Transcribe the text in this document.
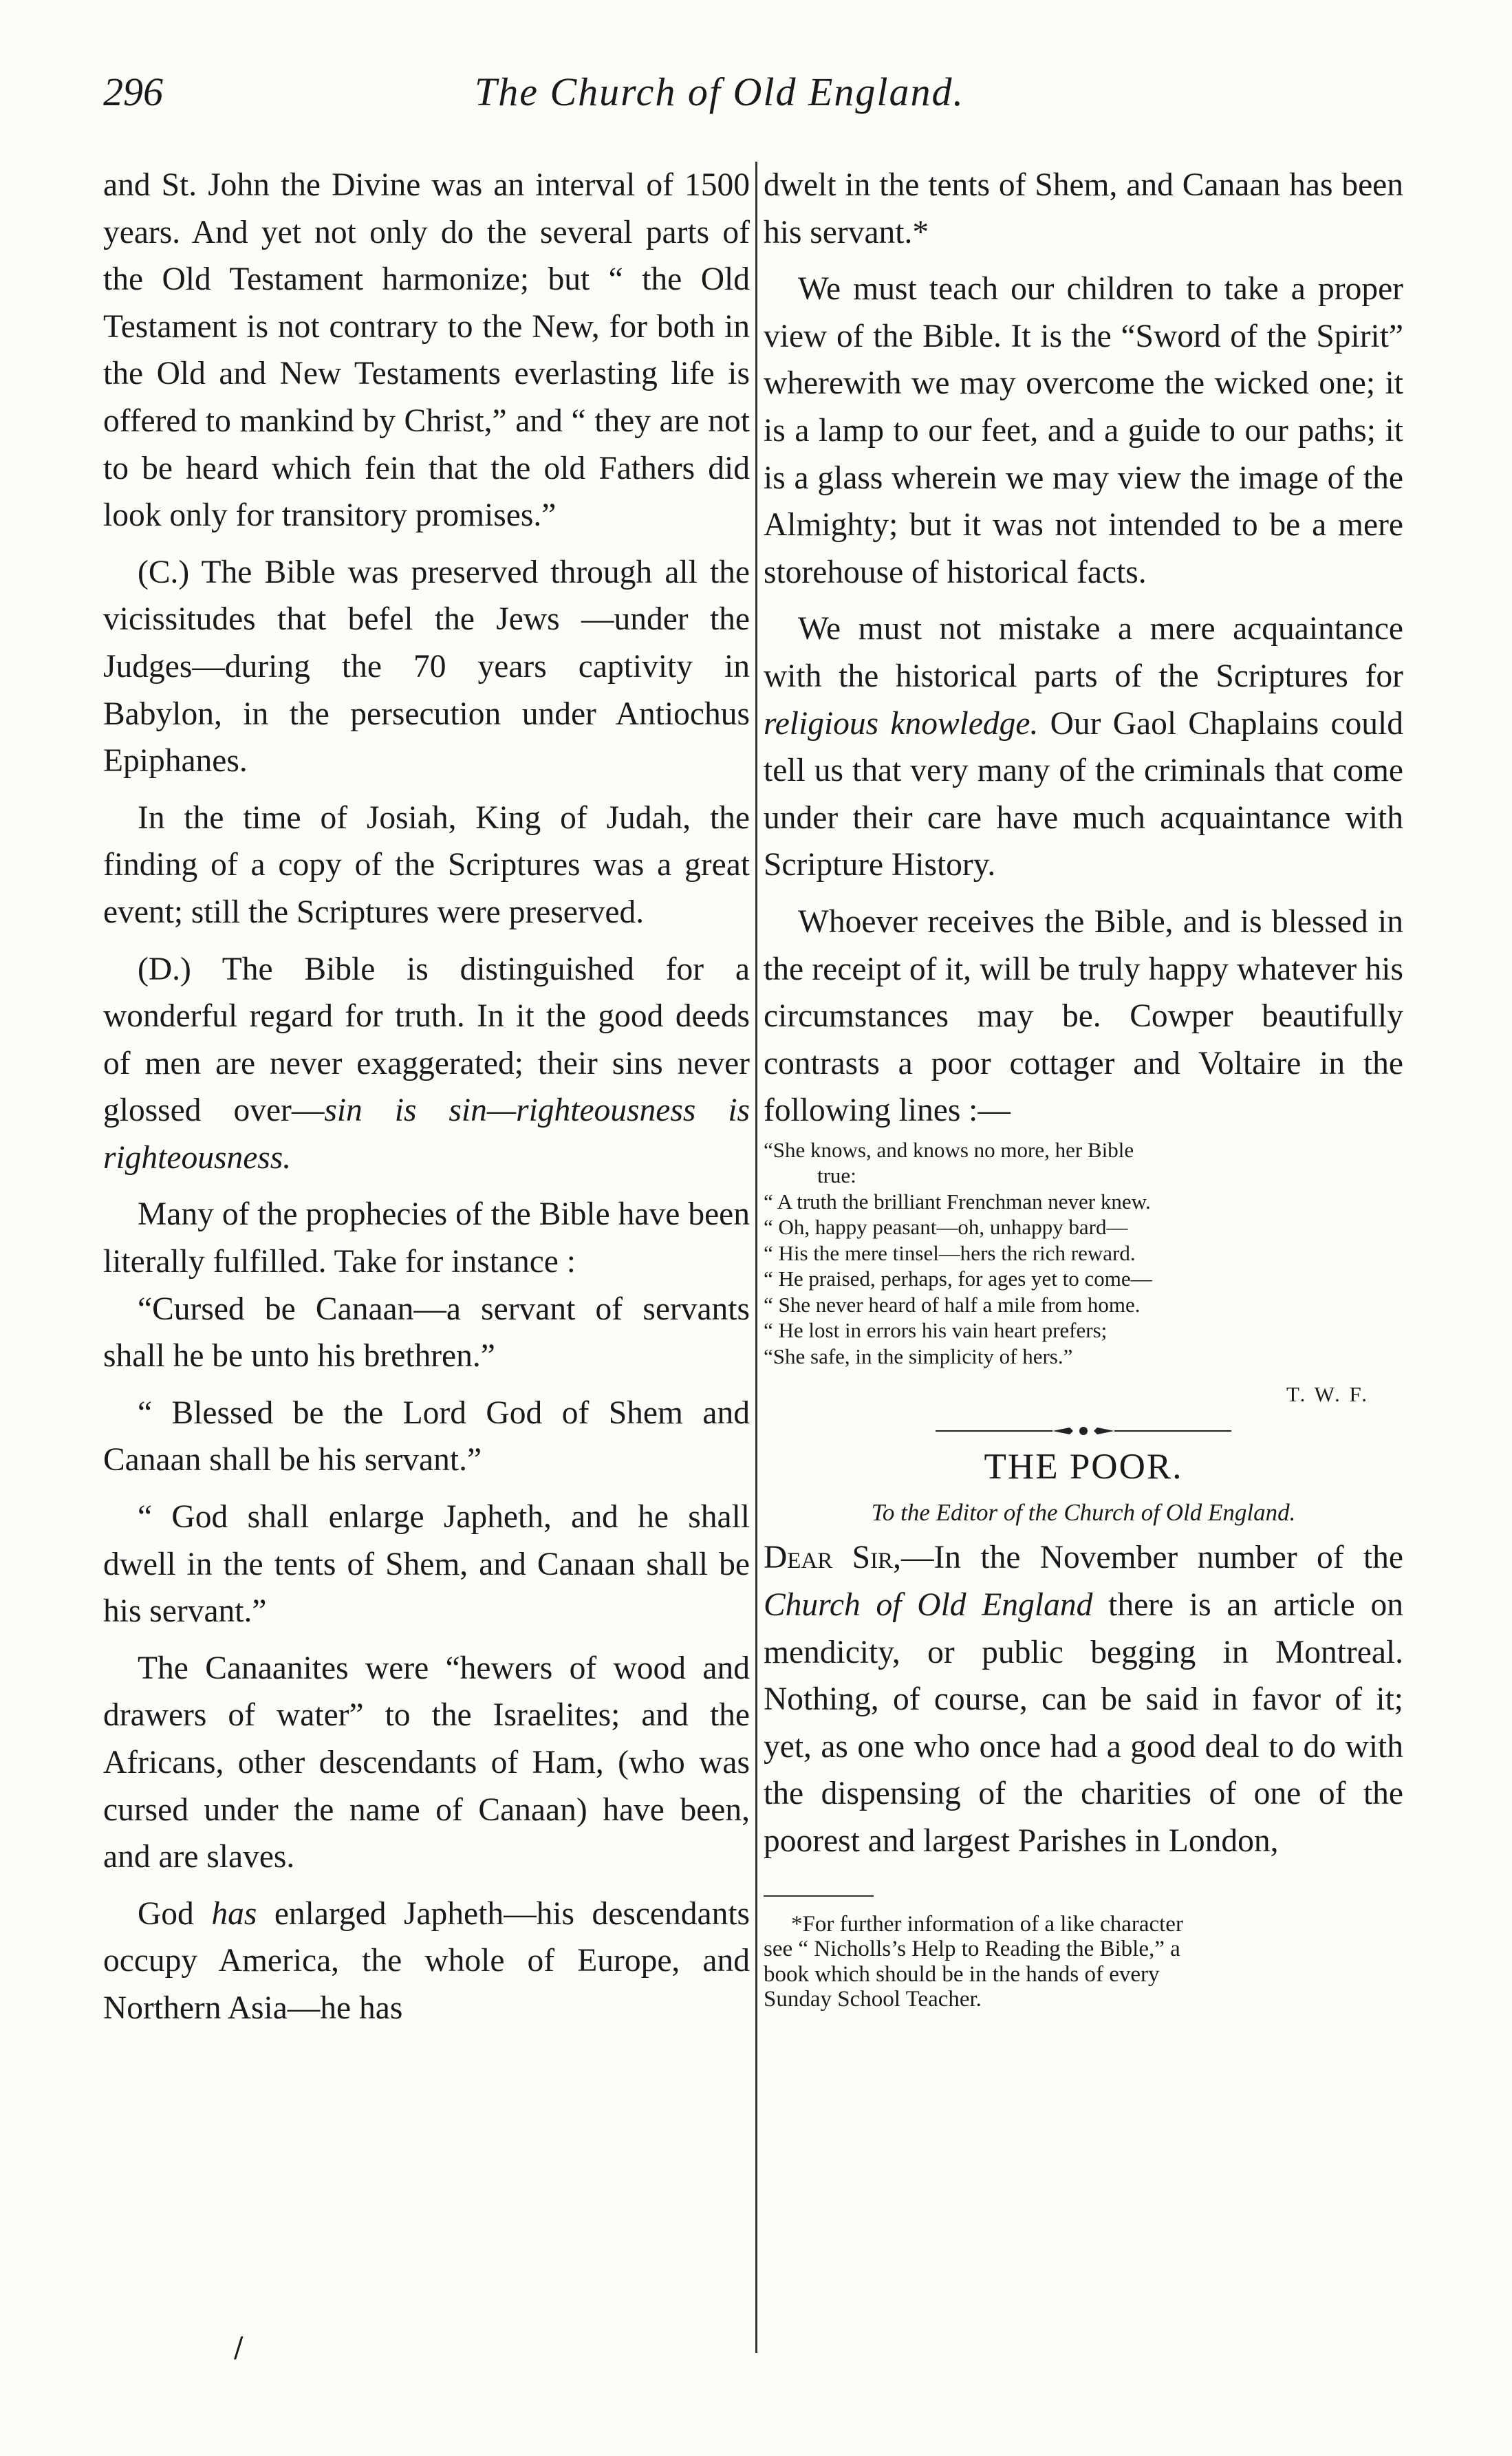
296	The Church of Old England.

and St. John the Divine was an interval of 1500 years. And yet not only do the several parts of the Old Testament harmonize; but “ the Old Testament is not contrary to the New, for both in the Old and New Testaments everlasting life is offered to mankind by Christ,” and “ they are not to be heard which fein that the old Fathers did look only for transitory promises.”

(C.) The Bible was preserved through all the vicissitudes that befel the Jews —under the Judges—during the 70 years captivity in Babylon, in the persecution under Antiochus Epiphanes.

In the time of Josiah, King of Judah, the finding of a copy of the Scriptures was a great event; still the Scriptures were preserved.

(D.) The Bible is distinguished for a wonderful regard for truth. In it the good deeds of men are never exaggerated; their sins never glossed over—sin is sin—righteousness is righteousness.

Many of the prophecies of the Bible have been literally fulfilled. Take for instance :

“Cursed be Canaan—a servant of servants shall he be unto his brethren.”

“ Blessed be the Lord God of Shem and Canaan shall be his servant.”

“ God shall enlarge Japheth, and he shall dwell in the tents of Shem, and Canaan shall be his servant.”

The Canaanites were “hewers of wood and drawers of water” to the Israelites; and the Africans, other descendants of Ham, (who was cursed under the name of Canaan) have been, and are slaves.

God has enlarged Japheth—his descendants occupy America, the whole of Europe, and Northern Asia—he has

dwelt in the tents of Shem, and Canaan has been his servant.*

We must teach our children to take a proper view of the Bible. It is the “Sword of the Spirit” wherewith we may overcome the wicked one; it is a lamp to our feet, and a guide to our paths; it is a glass wherein we may view the image of the Almighty; but it was not intended to be a mere storehouse of historical facts.

We must not mistake a mere acquaintance with the historical parts of the Scriptures for religious knowledge. Our Gaol Chaplains could tell us that very many of the criminals that come under their care have much acquaintance with Scripture History.

Whoever receives the Bible, and is blessed in the receipt of it, will be truly happy whatever his circumstances may be. Cowper beautifully contrasts a poor cottager and Voltaire in the following lines :—

“She knows, and knows no more, her Bible
true:
“ A truth the brilliant Frenchman never knew.
“ Oh, happy peasant—oh, unhappy bard—
“ His the mere tinsel—hers the rich reward.
“ He praised, perhaps, for ages yet to come—
“ She never heard of half a mile from home.
“ He lost in errors his vain heart prefers;
“She safe, in the simplicity of hers.”
T. W. F.
THE POOR.
To the Editor of the Church of Old England.

Dear Sir,—In the November number of the Church of Old England there is an article on mendicity, or public begging in Montreal. Nothing, of course, can be said in favor of it; yet, as one who once had a good deal to do with the dispensing of the charities of one of the poorest and largest Parishes in London,

*For further information of a like character
see “ Nicholls’s Help to Reading the Bible,” a
book which should be in the hands of every
Sunday School Teacher.
/
